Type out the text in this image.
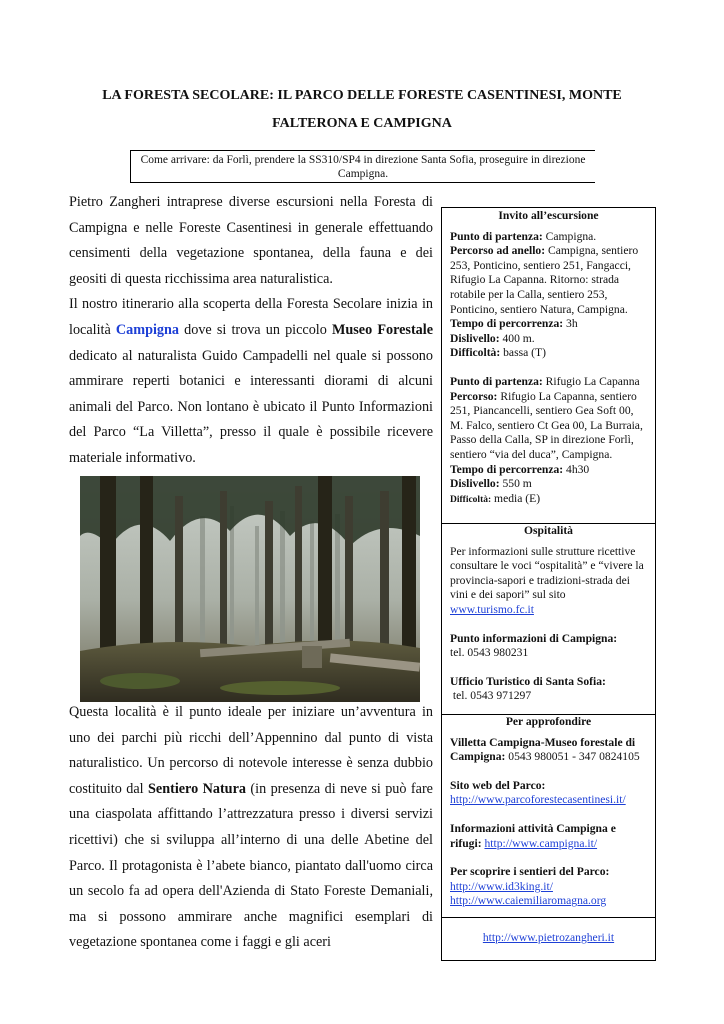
LA FORESTA SECOLARE: IL PARCO DELLE FORESTE CASENTINESI, MONTE
FALTERONA E CAMPIGNA
Come arrivare: da Forlì, prendere la SS310/SP4 in direzione Santa Sofia, proseguire in direzione Campigna.

Pietro Zangheri intraprese diverse escursioni nella Foresta di Campigna e nelle Foreste Casentinesi in generale effettuando censimenti della vegetazione spontanea, della fauna e dei geositi di questa ricchissima area naturalistica.

Il nostro itinerario alla scoperta della Foresta Secolare inizia in località Campigna dove si trova un piccolo Museo Forestale dedicato al naturalista Guido Campadelli nel quale si possono ammirare reperti botanici e interessanti diorami di alcuni animali del Parco. Non lontano è ubicato il Punto Informazioni del Parco “La Villetta”, presso il quale è possibile ricevere materiale informativo.

Questa località è il punto ideale per iniziare un’avventura in uno dei parchi più ricchi dell’Appennino dal punto di vista naturalistico. Un percorso di notevole interesse è senza dubbio costituito dal Sentiero Natura (in presenza di neve si può fare una ciaspolata affittando l’attrezzatura presso i diversi servizi ricettivi) che si sviluppa all’interno di una delle Abetine del Parco. Il protagonista è l’abete bianco, piantato dall'uomo circa un secolo fa ad opera dell'Azienda di Stato Foreste Demaniali, ma si possono ammirare anche magnifici esemplari di vegetazione spontanea come i faggi e gli aceri

Invito all’escursione

Punto di partenza: Campigna.

Percorso ad anello: Campigna, sentiero 253, Ponticino, sentiero 251, Fangacci, Rifugio La Capanna. Ritorno: strada rotabile per la Calla, sentiero 253, Ponticino, sentiero Natura, Campigna.

Tempo di percorrenza: 3h

Dislivello: 400 m.

Difficoltà: bassa (T)

Punto di partenza: Rifugio La Capanna

Percorso: Rifugio La Capanna, sentiero 251, Piancancelli, sentiero Gea Soft 00, M. Falco, sentiero Ct Gea 00, La Burraia, Passo della Calla, SP in direzione Forlì, sentiero “via del duca”, Campigna.

Tempo di percorrenza: 4h30

Dislivello: 550 m

Difficoltà: media (E)

Ospitalità

Per informazioni sulle strutture ricettive consultare le voci “ospitalità” e “vivere la provincia-sapori e tradizioni-strada dei vini e dei sapori” sul sito www.turismo.fc.it

Punto informazioni di Campigna:

tel. 0543 980231

Ufficio Turistico di Santa Sofia:

tel. 0543 971297

Per approfondire

Villetta Campigna-Museo forestale di Campigna: 0543 980051 - 347 0824105

Sito web del Parco:

http://www.parcoforestecasentinesi.it/

Informazioni attività Campigna e rifugi: http://www.campigna.it/

Per scoprire i sentieri del Parco:

http://www.id3king.it/

http://www.caiemiliaromagna.org

http://www.pietrozangheri.it
